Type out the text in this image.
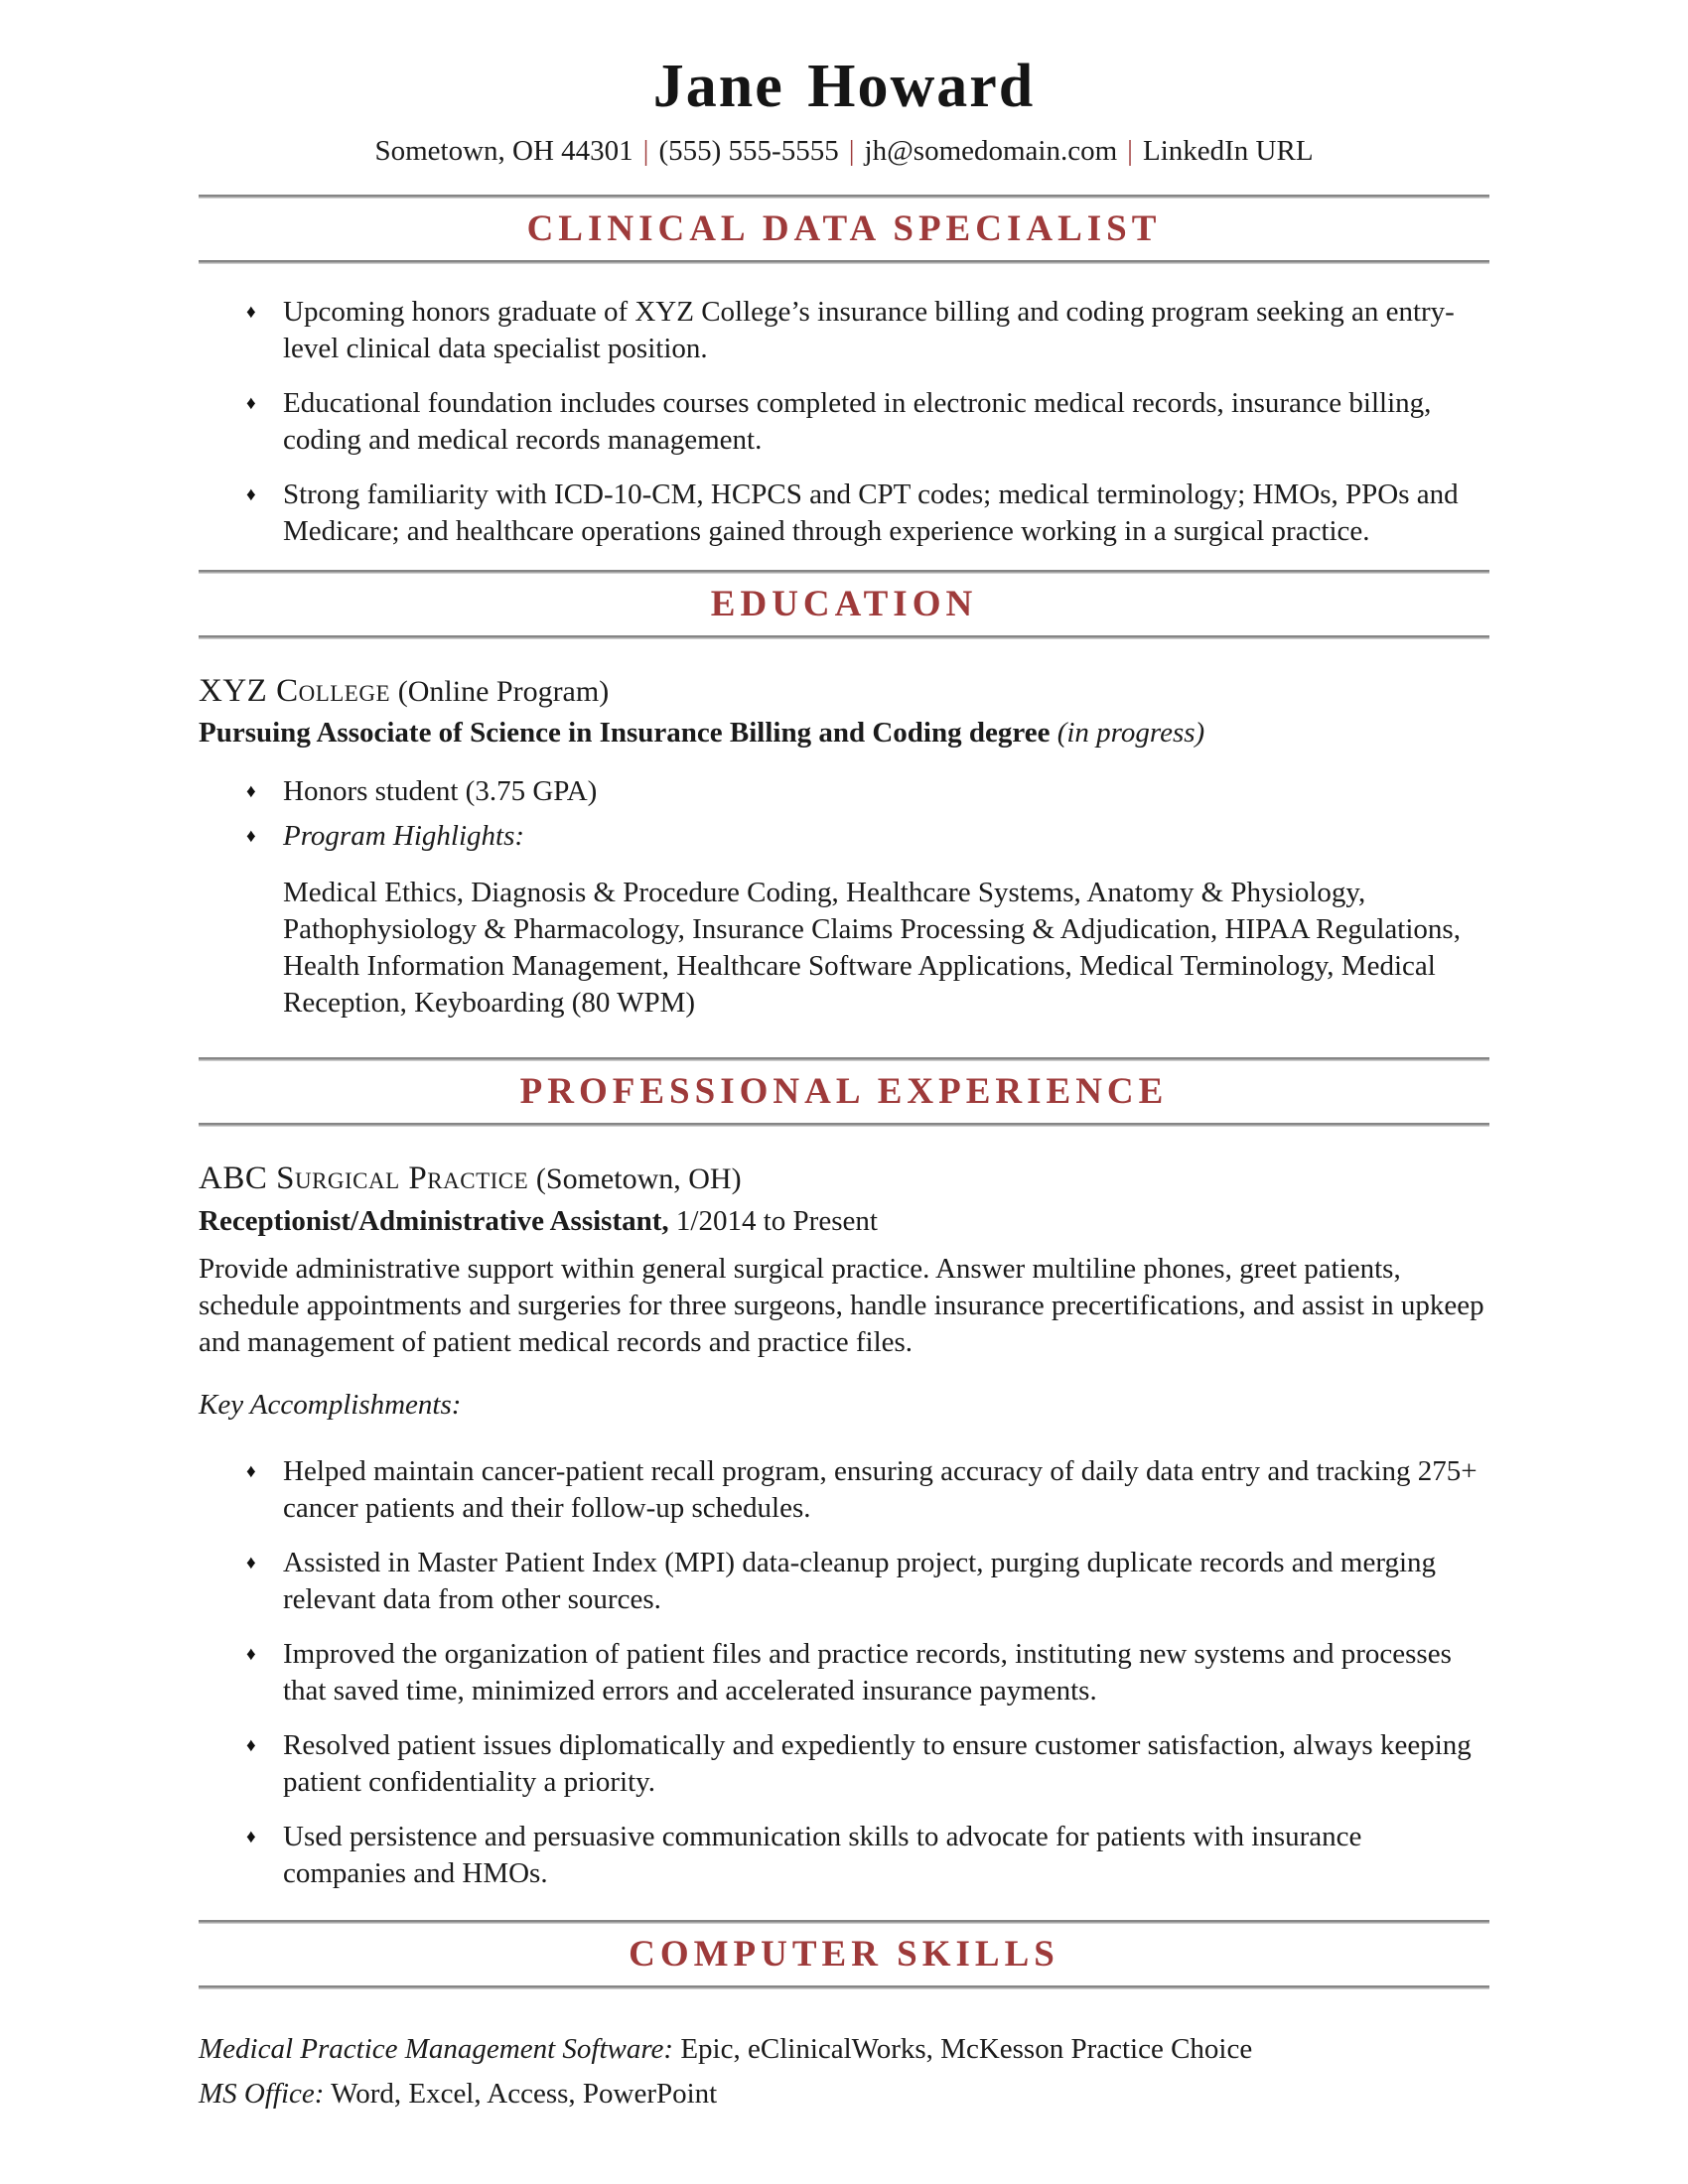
Jane Howard
Sometown, OH 44301 | (555) 555-5555 | jh@somedomain.com | LinkedIn URL
CLINICAL DATA SPECIALIST
♦ Upcoming honors graduate of XYZ College’s insurance billing and coding program seeking an entry-level clinical data specialist position.
♦ Educational foundation includes courses completed in electronic medical records, insurance billing, coding and medical records management.
♦ Strong familiarity with ICD-10-CM, HCPCS and CPT codes; medical terminology; HMOs, PPOs and Medicare; and healthcare operations gained through experience working in a surgical practice.
EDUCATION
XYZ College (Online Program)
Pursuing Associate of Science in Insurance Billing and Coding degree (in progress)
♦ Honors student (3.75 GPA)
♦ Program Highlights:
Medical Ethics, Diagnosis & Procedure Coding, Healthcare Systems, Anatomy & Physiology, Pathophysiology & Pharmacology, Insurance Claims Processing & Adjudication, HIPAA Regulations, Health Information Management, Healthcare Software Applications, Medical Terminology, Medical Reception, Keyboarding (80 WPM)
PROFESSIONAL EXPERIENCE
ABC Surgical Practice (Sometown, OH)
Receptionist/Administrative Assistant, 1/2014 to Present
Provide administrative support within general surgical practice. Answer multiline phones, greet patients, schedule appointments and surgeries for three surgeons, handle insurance precertifications, and assist in upkeep and management of patient medical records and practice files.
Key Accomplishments:
♦ Helped maintain cancer-patient recall program, ensuring accuracy of daily data entry and tracking 275+ cancer patients and their follow-up schedules.
♦ Assisted in Master Patient Index (MPI) data-cleanup project, purging duplicate records and merging relevant data from other sources.
♦ Improved the organization of patient files and practice records, instituting new systems and processes that saved time, minimized errors and accelerated insurance payments.
♦ Resolved patient issues diplomatically and expediently to ensure customer satisfaction, always keeping patient confidentiality a priority.
♦ Used persistence and persuasive communication skills to advocate for patients with insurance companies and HMOs.
COMPUTER SKILLS
Medical Practice Management Software: Epic, eClinicalWorks, McKesson Practice Choice
MS Office: Word, Excel, Access, PowerPoint
